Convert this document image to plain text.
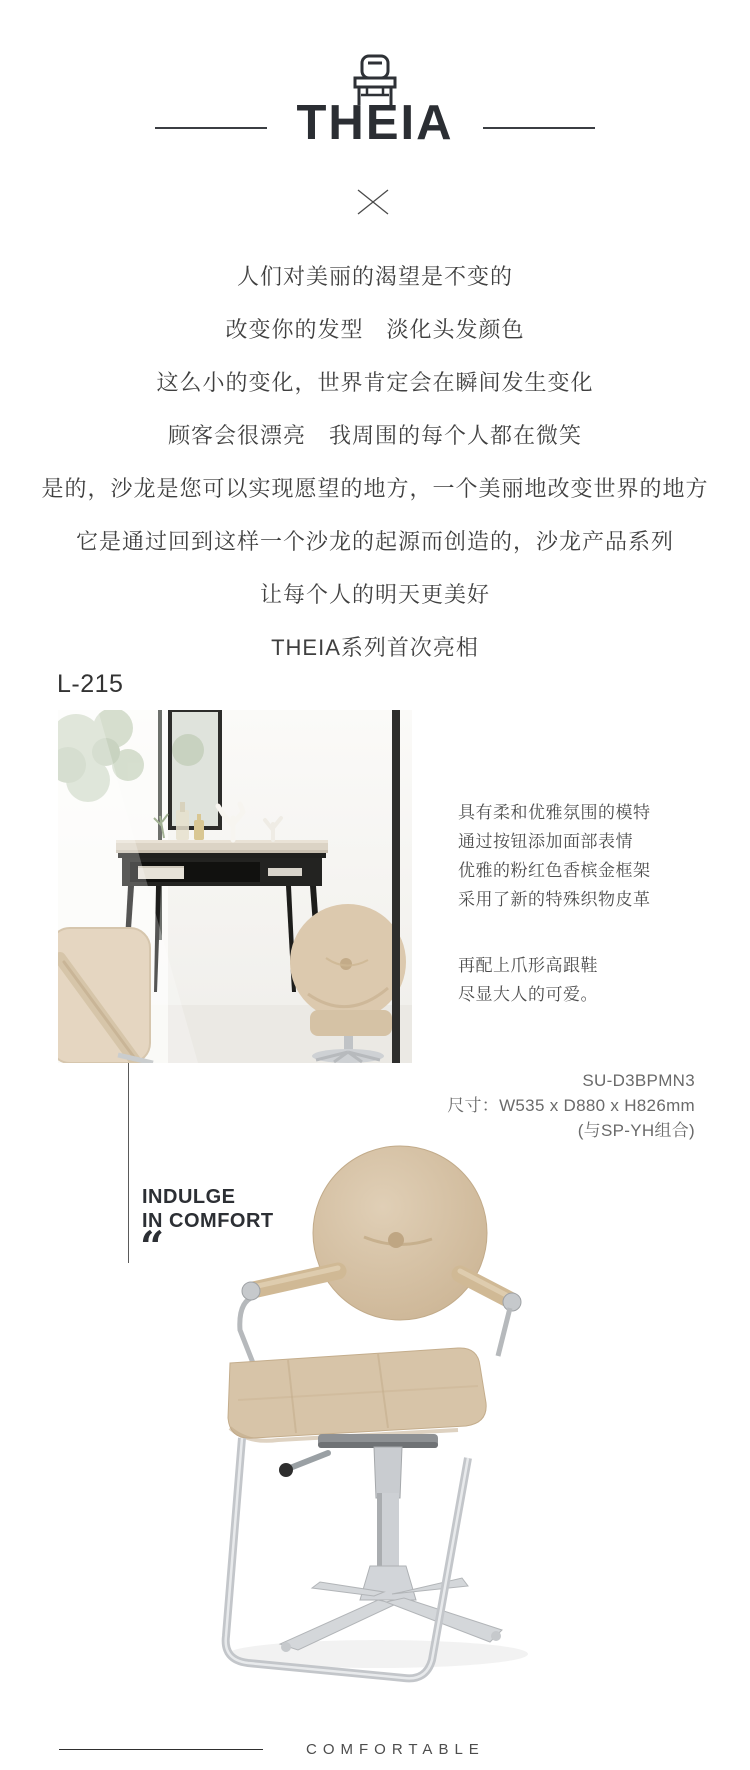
THEIA
人们对美丽的渴望是不变的
改变你的发型　淡化头发颜色
这么小的变化，世界肯定会在瞬间发生变化
顾客会很漂亮　我周围的每个人都在微笑
是的，沙龙是您可以实现愿望的地方，一个美丽地改变世界的地方
它是通过回到这样一个沙龙的起源而创造的，沙龙产品系列
让每个人的明天更美好
THEIA系列首次亮相
L-215
具有柔和优雅氛围的模特
通过按钮添加面部表情
优雅的粉红色香槟金框架
采用了新的特殊织物皮革
再配上爪形高跟鞋
尽显大人的可爱。
SU-D3BPMN3
尺寸：W535 x D880 x H826mm
(与SP-YH组合)
INDULGE
IN COMFORT
“
COMFORTABLE
